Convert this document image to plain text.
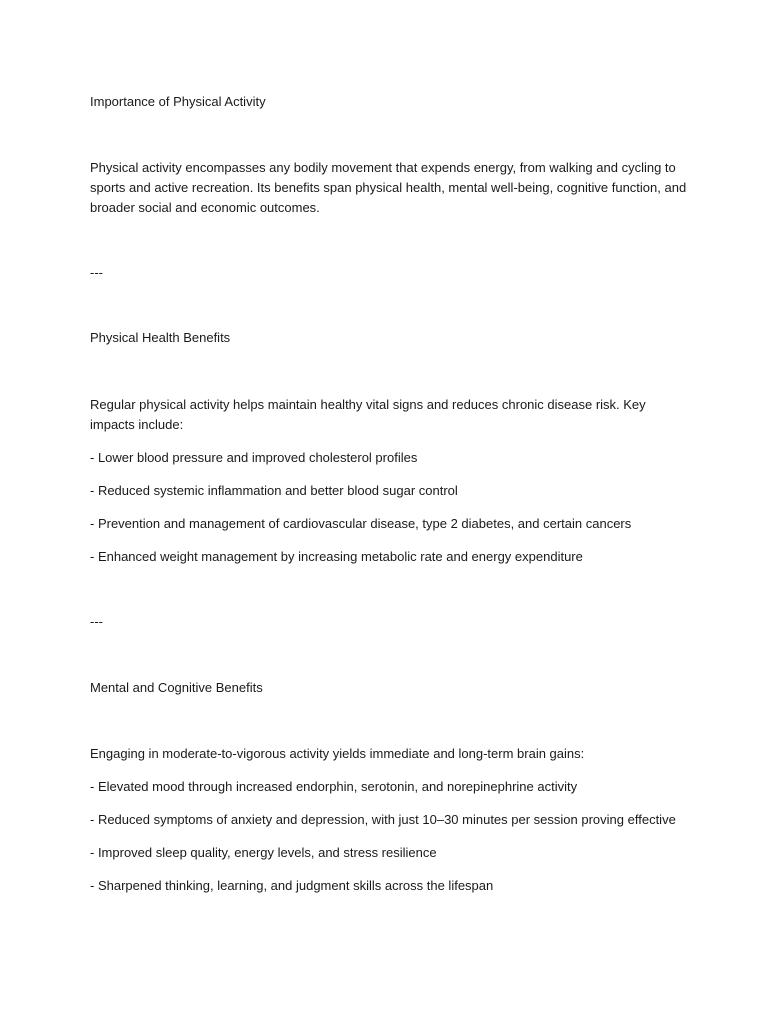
Importance of Physical Activity

Physical activity encompasses any bodily movement that expends energy, from walking and cycling to sports and active recreation. Its benefits span physical health, mental well-being, cognitive function, and broader social and economic outcomes.

---

Physical Health Benefits

Regular physical activity helps maintain healthy vital signs and reduces chronic disease risk. Key impacts include:

- Lower blood pressure and improved cholesterol profiles

- Reduced systemic inflammation and better blood sugar control

- Prevention and management of cardiovascular disease, type 2 diabetes, and certain cancers

- Enhanced weight management by increasing metabolic rate and energy expenditure

---

Mental and Cognitive Benefits

Engaging in moderate-to-vigorous activity yields immediate and long-term brain gains:

- Elevated mood through increased endorphin, serotonin, and norepinephrine activity

- Reduced symptoms of anxiety and depression, with just 10–30 minutes per session proving effective

- Improved sleep quality, energy levels, and stress resilience

- Sharpened thinking, learning, and judgment skills across the lifespan
